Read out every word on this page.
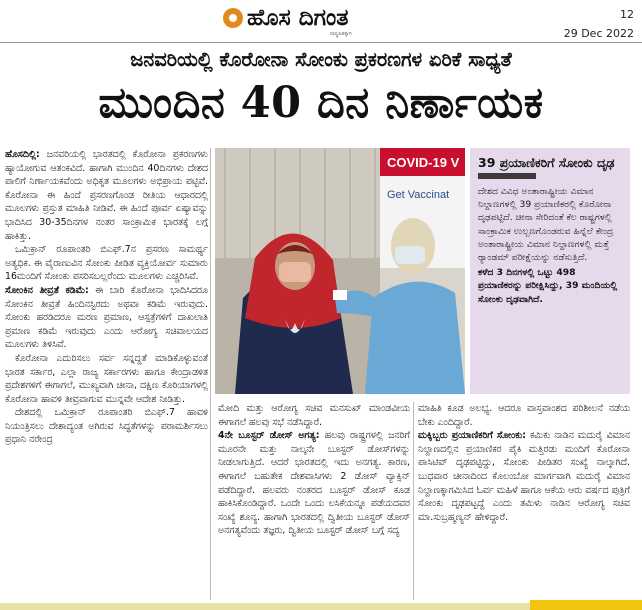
ಹೊಸ ದಿಗಂತ
ರಾಷ್ಟ್ರಹಿತಕ್ಕಾಗಿ
12
29 Dec 2022
ಜನವರಿಯಲ್ಲಿ ಕೊರೋನಾ ಸೋಂಕು ಪ್ರಕರಣಗಳ ಏರಿಕೆ ಸಾಧ್ಯತೆ
ಮುಂದಿನ 40 ದಿನ ನಿರ್ಣಾಯಕ

ಹೊಸದಿಲ್ಲಿ: ಜನವರಿಯಲ್ಲಿ ಭಾರತದಲ್ಲಿ ಕೊರೋನಾ ಪ್ರಕರಣಗಳು ಹ್ಯಾಯೋಗುವ ಆತಂಕವಿದೆ. ಹಾಗಾಗಿ ಮುಂದಿನ 40ದಿನಗಳು ದೇಶದ ಪಾಲಿಗೆ ನಿರ್ಣಾಯಕವೆಂದು ಅಧಿಕೃತ ಮೂಲಗಳು ಅಭಿಪ್ರಾಯ ಪಟ್ಟಿವೆ. ಕೊರೋನಾ ಈ ಹಿಂದೆ ಪ್ರಸರಣಗೊಂಡ ರೀತಿಯ ಆಧಾರದಲ್ಲಿ ಮೂಲಗಳು ಪ್ರಸ್ತುತ ಮಾಹಿತಿ ನೀಡಿವೆ. ಈ ಹಿಂದೆ ಪೂರ್ವ ಏಷ್ಯಾವನ್ನು ಭಾದಿಸಿದ 30-35ದಿನಗಳ ನಂತರ ಸಾಂಕ್ರಾಮಿಕ ಭಾರತಕ್ಕೆ ಲಗ್ಗೆ ಹಾಕಿತ್ತು.

ಒಮಿಕ್ರಾನ್ ರೂಪಾಂತರಿ ಬಿಎಫ್.7ನ ಪ್ರಸರಣ ಸಾಮರ್ಥ್ಯ ಅತ್ಯಧಿಕ. ಈ ವೈರಾಣುವಿನ ಸೋಂಕು ಪೀಡಿತ ವ್ಯಕ್ತಿಯೋರ್ವ ಸುಮಾರು 16ಮಂದಿಗೆ ಸೋಂಕು ಪಸರಿಸಬಲ್ಲರೆಂದು ಮೂಲಗಳು ಎಚ್ಚರಿಸಿವೆ.

ಸೋಂಕಿನ ತೀವ್ರತೆ ಕಡಿಮೆ: ಈ ಬಾರಿ ಕೊರೋನಾ ಭಾದಿಸಿದರೂ ಸೋಂಕಿನ ತೀವ್ರತೆ ಹಿಂದಿನಸ್ಟಿರದು ಅಥವಾ ಕಡಿಮೆ ಇರುವುದು. ಸೋಂಕು ಹರಡಿದರೂ ಮರಣ ಪ್ರಮಾಣ, ಆಸ್ಪತ್ರೆಗಳಿಗೆ ದಾಖಲಾತಿ ಪ್ರಮಾಣ ಕಡಿಮೆ ಇರುವುದು ಎಂದು ಆರೋಗ್ಯ ಸಚಿವಾಲಯದ ಮೂಲಗಳು ತಿಳಿಸಿವೆ.

ಕೊರೋನಾ ಎದುರಿಸಲು ಸರ್ವ ಸನ್ನದ್ದತೆ ಮಾಡಿಕೊಳ್ಳುವಂತೆ ಭಾರತ ಸರ್ಕಾರ, ಎಲ್ಲಾ ರಾಜ್ಯ ಸರ್ಕಾರಗಳು ಹಾಗೂ ಕೇಂದ್ರಾಡಳಿತ ಪ್ರದೇಶಗಳಿಗೆ ಈಗಾಗಲೆ, ಮುಖ್ಯವಾಗಿ ಚೀನಾ, ದಕ್ಷಿಣ ಕೊರಿಯಾಗಳಲ್ಲಿ ಕೊರೋನಾ ಹಾವಳಿ ತೀವ್ರವಾಗುವ ಮುನ್ನವೇ ಆದೇಶ ನೀಡಿತ್ತು.

ದೇಶದಲ್ಲಿ ಒಮಿಕ್ರಾನ್ ರೂಪಾಂತರಿ ಬಿಎಫ್.7 ಹಾವಳಿ ನಿಯಂತ್ರಿಸಲು ದೇಶಾದ್ಯಂತ ಅಗಿರುವ ಸಿದ್ಧತೆಗಳನ್ನು ಪರಾಮರ್ಶಿಸಲು ಪ್ರಧಾನಿ ನರೇಂದ್ರ

COVID-19 V
Get Vaccinat
39 ಪ್ರಯಾಣಿಕರಿಗೆ ಸೋಂಕು ದೃಢ
ದೇಶದ ವಿವಿಧ ಅಂತಾರಾಷ್ಟ್ರೀಯ ವಿಮಾನ ನಿಲ್ದಾಣಗಳಲ್ಲಿ 39 ಪ್ರಯಾಣಿಕರಲ್ಲಿ ಕೊರೋನಾ ದೃಢಪಟ್ಟಿದೆ. ಚೀನಾ ಸೇರಿದಂತೆ ಕೆಲ ರಾಷ್ಟ್ರಗಳಲ್ಲಿ ಸಾಂಕ್ರಾಮಿಕ ಉಲ್ಬಣಗೊಂಡರುವ ಹಿನ್ನೆಲೆ ಕೇಂದ್ರ ಅಂತಾರಾಷ್ಟ್ರೀಯ ವಿಮಾನ ನಿಲ್ದಾಣಗಳಲ್ಲಿ ಮತ್ತೆ ರ್‍ಯಾಂಡಮ್ ಪರೀಕ್ಷೆಯನ್ನು ನಡೆಸುತ್ತಿದೆ.
ಕಳೆದ 3 ದಿನಗಳಲ್ಲಿ ಒಟ್ಟು 498 ಪ್ರಯಾಣಿಕರನ್ನು ಪರೀಕ್ಷಿಸಿದ್ದು, 39 ಮಂದಿಯಲ್ಲಿ ಸೋಂಕು ದೃಢವಾಗಿದೆ.

ಮೋದಿ ಮತ್ತು ಆರೋಗ್ಯ ಸಚಿವ ಮನಸುಖ್ ಮಾಂಡವೀಯ ಈಗಾಗಲೆ ಹಲವು ಸಭೆ ನಡೆಸಿದ್ದಾರೆ.

4ನೇ ಬೂಸ್ಟರ್ ಡೋಸ್ ಅಗತ್ಯ: ಹಲವು ರಾಷ್ಟ್ರಗಳಲ್ಲಿ ಜನರಿಗೆ ಮೂರನೇ ಮತ್ತು ನಾಲ್ಕನೇ ಬೂಸ್ಟರ್ ಡೋಸ್‌ಗಳನ್ನು ನೀಡಲಾಗುತ್ತಿದೆ. ಆದರೆ ಭಾರತದಲ್ಲಿ ಇದು ಅನಗತ್ಯ. ಕಾರಣ, ಈಗಾಗಲೆ ಬಹುತೇಕ ದೇಶವಾಸಿಗಳು 2 ಡೋಸ್ ವ್ಯಾಕ್ಸಿನ್ ಪಡೆದಿದ್ದಾರೆ. ಹಲವರು ನಂತರದ ಬೂಸ್ಟರ್ ಡೋಸ್ ಕೂಡ ಹಾಕಿಸಿಕೊಂಡಿದ್ದಾರೆ. ಒಂದೇ ಒಂದು ಲಸಿಕೆಯನ್ನೂ ಪಡೆಯದವರ ಸಂಖ್ಯೆ ಶೂನ್ಯ. ಹಾಗಾಗಿ ಭಾರತದಲ್ಲಿ ದ್ವಿತೀಯ ಬೂಸ್ಟರ್ ಡೋಸ್ ಅನಗತ್ಯವೆಂದು ತಜ್ಞರು, ದ್ವಿತೀಯ ಬೂಸ್ಟರ್ ಡೋಸ್ ಬಗ್ಗೆ ಸದ್ಯ

ಮಾಹಿತಿ ಕೂಡ ಅಲಭ್ಯ. ಆದರೂ ವಾಸ್ತವಾಂಶದ ಪರಿಶೀಲನೆ ನಡೆಯ ಬೇಕು ಎಂದಿದ್ದಾರೆ.

ಮಕ್ಕಿಬ್ಬರು ಪ್ರಯಾಣಿಕರಿಗೆ ಸೋಂಕು: ಕಮಿಕು ನಾಡಿನ ಮದುರೈ ವಿಮಾನ ನಿಲ್ದಾಣದಲ್ಲಿನ ಪ್ರಯಾಣಿಕರ ಪೈಕಿ ಮತ್ತಿರಡು ಮಂದಿಗೆ ಕೊರೋನಾ ಪಾಸಿಟಿವ್ ದೃಢಪಟ್ಟಿದ್ದು, ಸೋಂಕು ಪೀಡಿತರ ಸಂಖ್ಯೆ ನಾಲ್ಕಾಗಿದೆ. ಬುಧವಾರ ಚೀನಾದಿಂದ ಕೊಲಂಬೋ ಮಾರ್ಗವಾಗಿ ಮದುರೈ ವಿಮಾನ ನಿಲ್ದಾಣಕ್ಕಾಗಮಿಸಿದ ಓರ್ವ ಮಹಿಳೆ ಹಾಗೂ ಆಕೆಯ ಆರು ವರ್ಷದ ಪುತ್ರಿಗೆ ಸೋಂಕು ದೃಢಪಟ್ಟದ್ದೆ ಎಂದು ತಮಿಳು ನಾಡಿನ ಆರೋಗ್ಯ ಸಚಿವ ಮಾ.ಸುಬ್ರಹ್ಮಣ್ಯನ್ ಹೇಳಿದ್ದಾರೆ.
